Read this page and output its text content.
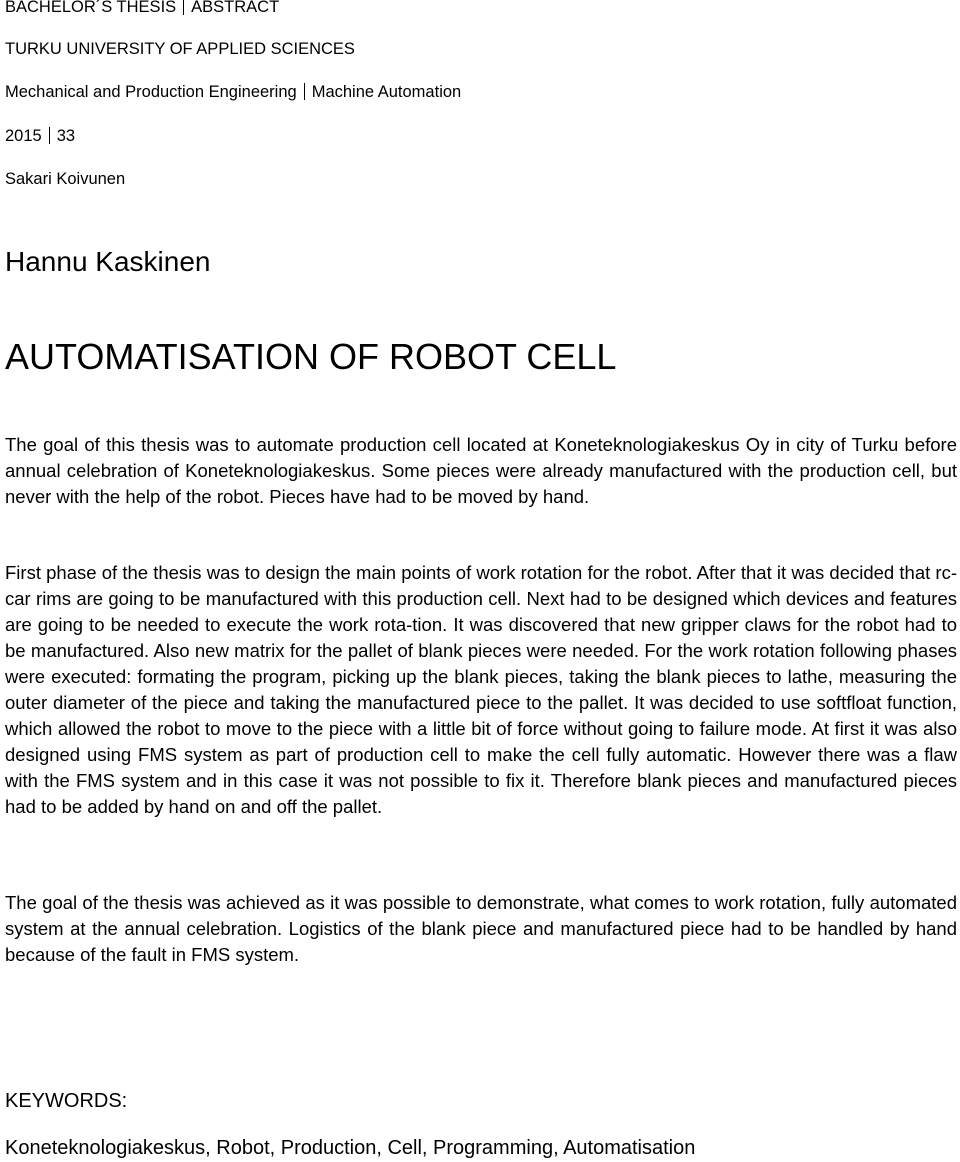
BACHELOR´S THESIS ABSTRACT

TURKU UNIVERSITY OF APPLIED SCIENCES

Mechanical and Production Engineering Machine Automation

2015 33

Sakari Koivunen

Hannu Kaskinen

AUTOMATISATION OF ROBOT CELL

The goal of this thesis was to automate production cell located at Koneteknologiakeskus Oy in city of Turku before annual celebration of Koneteknologiakeskus. Some pieces were already manufactured with the production cell, but never with the help of the robot. Pieces have had to be moved by hand.

First phase of the thesis was to design the main points of work rotation for the robot. After that it was decided that rc-car rims are going to be manufactured with this production cell. Next had to be designed which devices and features are going to be needed to execute the work rota-tion. It was discovered that new gripper claws for the robot had to be manufactured. Also new matrix for the pallet of blank pieces were needed. For the work rotation following phases were executed: formating the program, picking up the blank pieces, taking the blank pieces to lathe, measuring the outer diameter of the piece and taking the manufactured piece to the pallet. It was decided to use softfloat function, which allowed the robot to move to the piece with a little bit of force without going to failure mode. At first it was also designed using FMS system as part of production cell to make the cell fully automatic. However there was a flaw with the FMS system and in this case it was not possible to fix it. Therefore blank pieces and manufactured pieces had to be added by hand on and off the pallet.

The goal of the thesis was achieved as it was possible to demonstrate, what comes to work rotation, fully automated system at the annual celebration. Logistics of the blank piece and manufactured piece had to be handled by hand because of the fault in FMS system.

KEYWORDS:

Koneteknologiakeskus, Robot, Production, Cell, Programming, Automatisation
